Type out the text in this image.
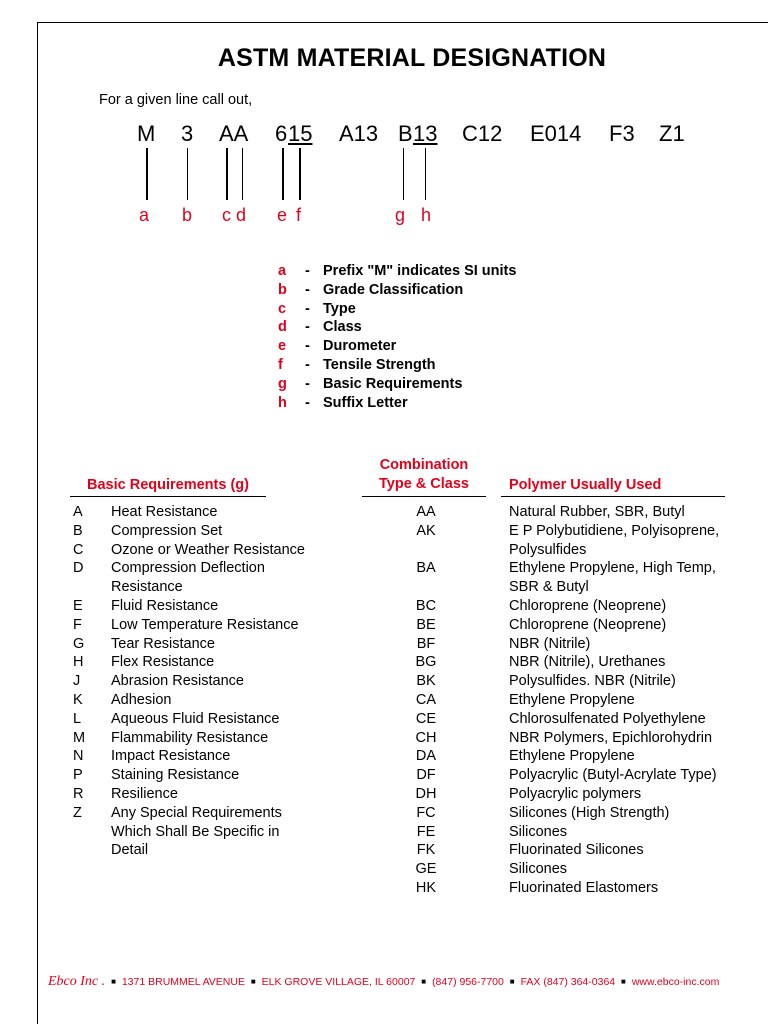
ASTM MATERIAL DESIGNATION
For a given line call out,
M 3 AA 6 15 A13 B 13 C12 E014 F3 Z1
a b c d e f	g h
a - Prefix "M" indicates SI units
b - Grade Classification
c - Type
d - Class
e - Durometer
f - Tensile Strength
g - Basic Requirements
h - Suffix Letter
Basic Requirements (g)
Combination
Type & Class	Polymer Usually Used
A Heat Resistance
B Compression Set
C Ozone or Weather Resistance
D Compression Deflection
Resistance
E Fluid Resistance
F Low Temperature Resistance
G Tear Resistance
H Flex Resistance
J Abrasion Resistance
K Adhesion
L Aqueous Fluid Resistance
M Flammability Resistance
N Impact Resistance
P Staining Resistance
R Resilience
Z Any Special Requirements
Which Shall Be Specific in
Detail
AA
AK
BA
BC
BE
BF
BG
BK
CA
CE
CH
DA
DF
DH
FC
FE
FK
GE
HK
Natural Rubber, SBR, Butyl
E P Polybutidiene, Polyisoprene,
Polysulfides
Ethylene Propylene, High Temp,
SBR & Butyl
Chloroprene (Neoprene)
Chloroprene (Neoprene)
NBR (Nitrile)
NBR (Nitrile), Urethanes
Polysulfides. NBR (Nitrile)
Ethylene Propylene
Chlorosulfenated Polyethylene
NBR Polymers, Epichlorohydrin
Ethylene Propylene
Polyacrylic (Butyl-Acrylate Type)
Polyacrylic polymers
Silicones (High Strength)
Silicones
Fluorinated Silicones
Silicones
Fluorinated Elastomers
Ebco Inc . ■ 1371 BRUMMEL AVENUE ■ ELK GROVE VILLAGE, IL 60007 ■ (847) 956-7700 ■ FAX (847) 364-0364 ■ www.ebco-inc.com
